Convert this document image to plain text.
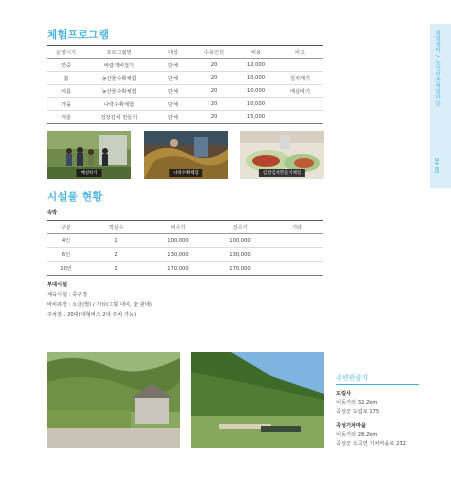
체험센터 / 농산어촌체험마을
84 85
체험프로그램
운영시기	프로그램명	대상	수용인원	비용	비고
연중	바람개비접기	단체	20	12,000	
봄	농산물수확체험	단체	20	10,000	김치케기
여름	농산물수확체험	단체	20	10,000	매실따기
가을	나락수확체험	단체	20	10,000	
겨울	김장김치 만들기	단체	20	15,000	
매실따기	나락수확체험	김장김치만들기체험
시설물 현황
숙박
구분	객실수	비수기	성수기	기타
4인	1	100,000	100,000	
6인	2	130,000	130,000	
10인	1	170,000	170,000	
부대시설
체육시설 : 족구장
바비큐장 : 요금(별) / 기타(그릴 대여, 숯 판매)
주차장 : 20대(대형버스 2대 주차 가능)
주변관광지
도림사
이동거리 32.2km
곡성군 도림로 175
곡성기차마을
이동거리 28.2km
곡성군 오곡면 기차마을로 232
